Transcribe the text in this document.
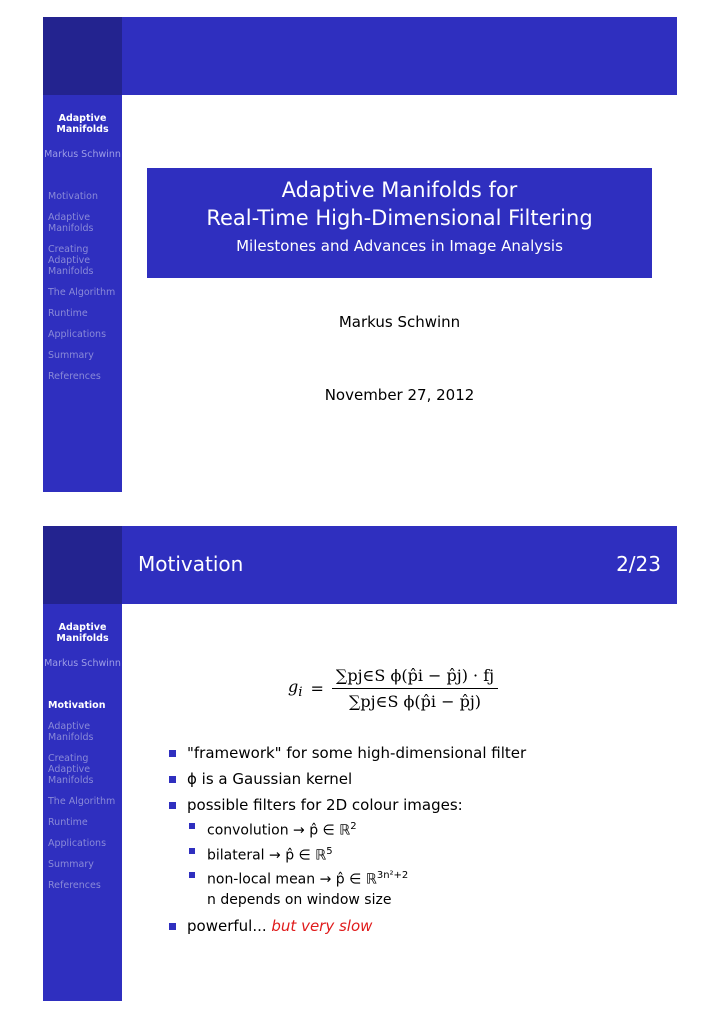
Adaptive Manifolds
Markus Schwinn
Motivation
Adaptive Manifolds
Creating Adaptive Manifolds
The Algorithm
Runtime
Applications
Summary
References
Adaptive Manifolds for
Real-Time High-Dimensional Filtering
Milestones and Advances in Image Analysis
Markus Schwinn
November 27, 2012
Adaptive Manifolds
Markus Schwinn
Motivation
Adaptive Manifolds
Creating Adaptive Manifolds
The Algorithm
Runtime
Applications
Summary
References
Motivation	2/23
$g_i = \frac{\text{∑pj∈S ϕ(p̂i − p̂j) · fj}}{\text{∑pj∈S ϕ(p̂i − p̂j)}}$
"framework" for some high-dimensional filter
ϕ is a Gaussian kernel
possible filters for 2D colour images:
convolution → p̂ ∈ ℝ$^2$
bilateral → p̂ ∈ ℝ$^5$
non-local mean → p̂ ∈ ℝ$^{3n^2+2}$
n depends on window size
powerful... but very slow
